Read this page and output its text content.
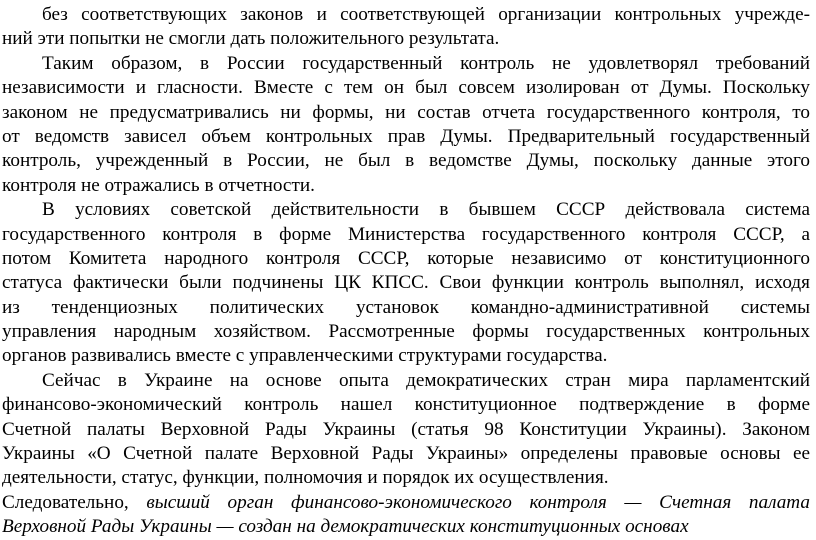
без соответствующих законов и соответствующей организации контрольных учрежде-
ний эти попытки не смогли дать положительного результата.
Таким образом, в России государственный контроль не удовлетворял требований
независимости и гласности. Вместе с тем он был совсем изолирован от Думы. Поскольку
законом не предусматривались ни формы, ни состав отчета государственного контроля, то
от ведомств зависел объем контрольных прав Думы. Предварительный государственный
контроль, учрежденный в России, не был в ведомстве Думы, поскольку данные этого
контроля не отражались в отчетности.
В условиях советской действительности в бывшем СССР действовала система
государственного контроля в форме Министерства государственного контроля СССР, а
потом Комитета народного контроля СССР, которые независимо от конституционного
статуса фактически были подчинены ЦК КПСС. Свои функции контроль выполнял, исходя
из тенденциозных политических установок командно-административной системы
управления народным хозяйством. Рассмотренные формы государственных контрольных
органов развивались вместе с управленческими структурами государства.
Сейчас в Украине на основе опыта демократических стран мира парламентский
финансово-экономический контроль нашел конституционное подтверждение в форме
Счетной палаты Верховной Рады Украины (статья 98 Конституции Украины). Законом
Украины «О Счетной палате Верховной Рады Украины» определены правовые основы ее
деятельности, статус, функции, полномочия и порядок их осуществления.
Следовательно, высший орган финансово-экономического контроля — Счетная палата
Верховной Рады Украины — создан на демократических конституционных основах
